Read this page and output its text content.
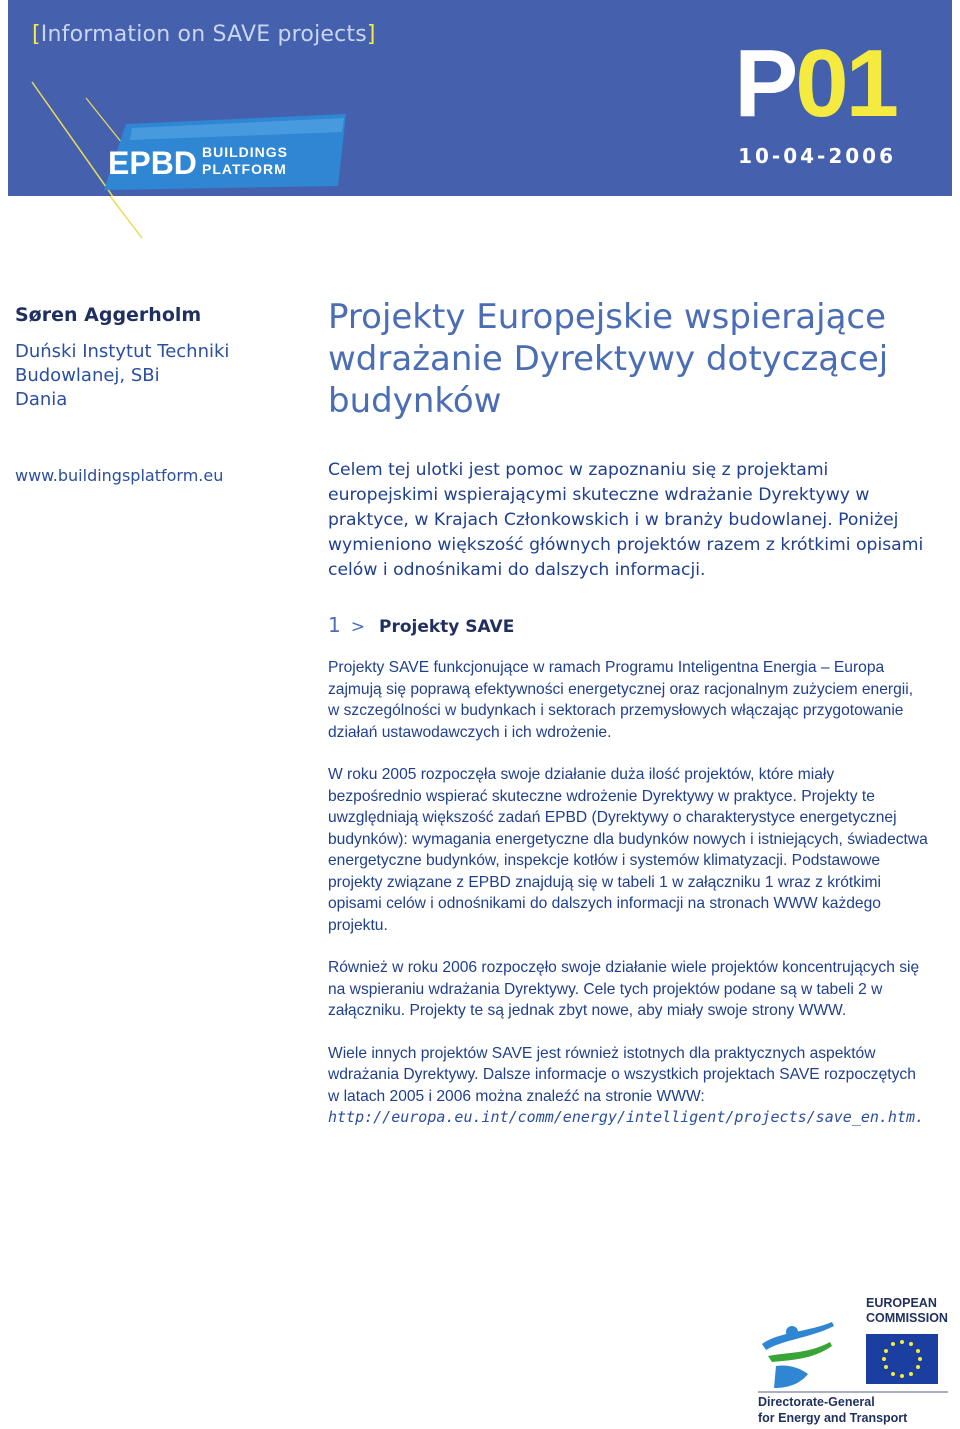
[Information on SAVE projects]
EPBD BUILDINGS
PLATFORM
P01
10-04-2006

Søren Aggerholm

Duński Instytut Techniki

Budowlanej, SBi

Dania

www.buildingsplatform.eu
Projekty Europejskie wspierające wdrażanie Dyrektywy dotyczącej budynków

Celem tej ulotki jest pomoc w zapoznaniu się z projektami europejskimi wspierającymi skuteczne wdrażanie Dyrektywy w praktyce, w Krajach Członkowskich i w branży budowlanej. Poniżej wymieniono większość głównych projektów razem z krótkimi opisami celów i odnośnikami do dalszych informacji.

1 > Projekty SAVE

Projekty SAVE funkcjonujące w ramach Programu Inteligentna Energia – Europa zajmują się poprawą efektywności energetycznej oraz racjonalnym zużyciem energii, w szczególności w budynkach i sektorach przemysłowych włączając przygotowanie działań ustawodawczych i ich wdrożenie.

W roku 2005 rozpoczęła swoje działanie duża ilość projektów, które miały bezpośrednio wspierać skuteczne wdrożenie Dyrektywy w praktyce. Projekty te uwzględniają większość zadań EPBD (Dyrektywy o charakterystyce energetycznej budynków): wymagania energetyczne dla budynków nowych i istniejących, świadectwa energetyczne budynków, inspekcje kotłów i systemów klimatyzacji. Podstawowe projekty związane z EPBD znajdują się w tabeli 1 w załączniku 1 wraz z krótkimi opisami celów i odnośnikami do dalszych informacji na stronach WWW każdego projektu.

Również w roku 2006 rozpoczęło swoje działanie wiele projektów koncentrujących się na wspieraniu wdrażania Dyrektywy. Cele tych projektów podane są w tabeli 2 w załączniku. Projekty te są jednak zbyt nowe, aby miały swoje strony WWW.

Wiele innych projektów SAVE jest również istotnych dla praktycznych aspektów wdrażania Dyrektywy. Dalsze informacje o wszystkich projektach SAVE rozpoczętych w latach 2005 i 2006 można znaleźć na stronie WWW:
http://europa.eu.int/comm/energy/intelligent/projects/save_en.htm.

EUROPEAN
COMMISSION
Directorate-General
for Energy and Transport
